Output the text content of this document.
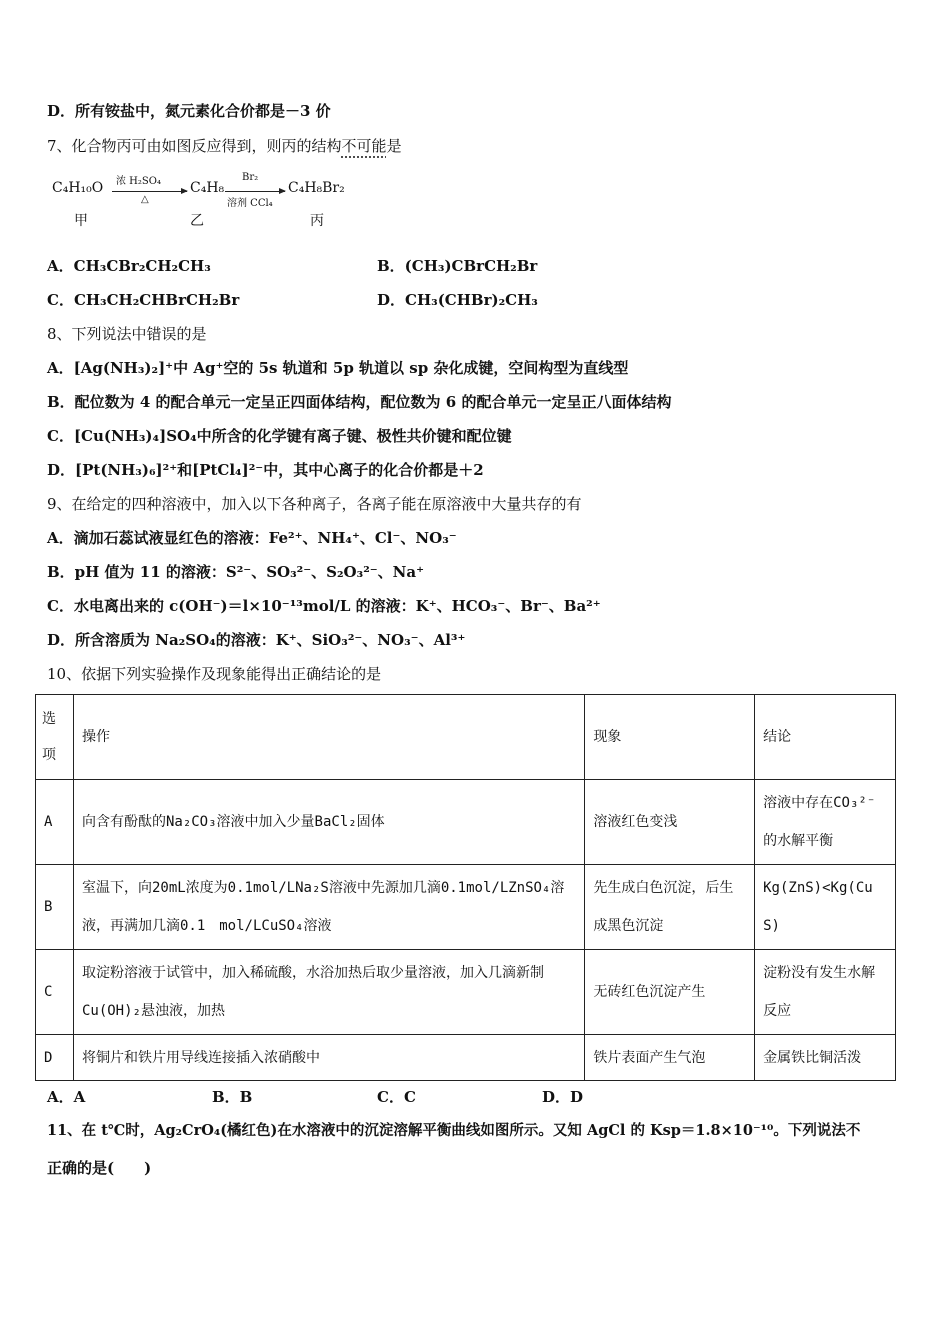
D．所有铵盐中，氮元素化合价都是－3 价
7、化合物丙可由如图反应得到，则丙的结构不可能是
C₄H₁₀O 浓 H₂SO₄
△
C₄H₈
Br₂
溶剂 CCl₄
C₄H₈Br₂
甲	乙	丙
A．CH₃CBr₂CH₂CH₃	B．(CH₃)CBrCH₂Br
C．CH₃CH₂CHBrCH₂Br	D．CH₃(CHBr)₂CH₃
8、下列说法中错误的是
A．[Ag(NH₃)₂]⁺中 Ag⁺空的 5s 轨道和 5p 轨道以 sp 杂化成键，空间构型为直线型
B．配位数为 4 的配合单元一定呈正四面体结构，配位数为 6 的配合单元一定呈正八面体结构
C．[Cu(NH₃)₄]SO₄中所含的化学键有离子键、极性共价键和配位键
D．[Pt(NH₃)₆]²⁺和[PtCl₄]²⁻中，其中心离子的化合价都是＋2
9、在给定的四种溶液中，加入以下各种离子，各离子能在原溶液中大量共存的有
A．滴加石蕊试液显红色的溶液：Fe²⁺、NH₄⁺、Cl⁻、NO₃⁻
B．pH 值为 11 的溶液：S²⁻、SO₃²⁻、S₂O₃²⁻、Na⁺
C．水电离出来的 c(OH⁻)＝l×10⁻¹³mol/L 的溶液：K⁺、HCO₃⁻、Br⁻、Ba²⁺
D．所含溶质为 Na₂SO₄的溶液：K⁺、SiO₃²⁻、NO₃⁻、Al³⁺
10、依据下列实验操作及现象能得出正确结论的是
选项	操作	现象	结论
A	向含有酚酞的Na₂CO₃溶液中加入少量BaCl₂固体	溶液红色变浅	溶液中存在CO₃²⁻的水解平衡
B	室温下，向20mL浓度为0.1mol/LNa₂S溶液中先源加几滴0.1mol/LZnSO₄溶液，再满加几滴0.1　mol/LCuSO₄溶液	先生成白色沉淀，后生成黑色沉淀	Kg(ZnS)<Kg(CuS)
C	取淀粉溶液于试管中，加入稀硫酸，水浴加热后取少量溶液，加入几滴新制Cu(OH)₂悬浊液，加热	无砖红色沉淀产生	淀粉没有发生水解反应
D	将铜片和铁片用导线连接插入浓硝酸中	铁片表面产生气泡	金属铁比铜活泼
A．A	B．B	C．C	D．D
11、在 t℃时，Ag₂CrO₄(橘红色)在水溶液中的沉淀溶解平衡曲线如图所示。又知 AgCl 的 Ksp＝1.8×10⁻¹⁰。下列说法不
正确的是(　　)
